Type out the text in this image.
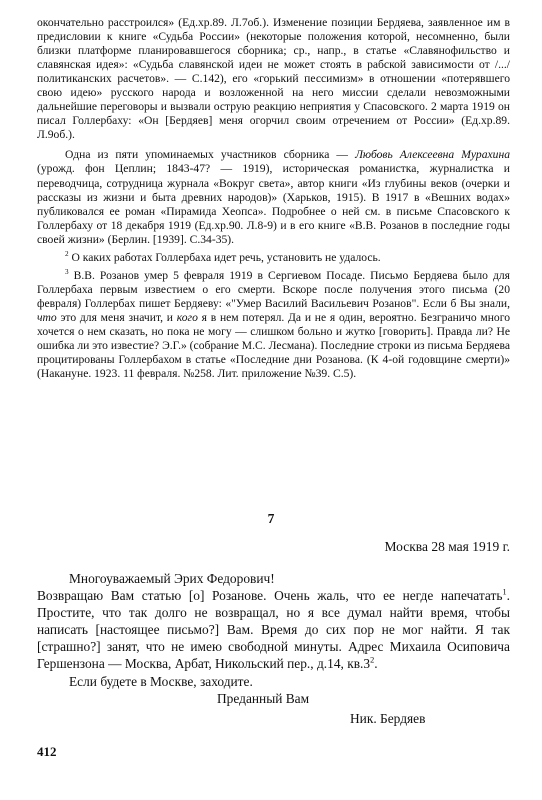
окончательно расстроился» (Ед.хр.89. Л.7об.). Изменение позиции Бердяева, заявленное им в предисловии к книге «Судьба России» (некоторые положения которой, несомненно, были близки платформе планировавшегося сборника; ср., напр., в статье «Славянофильство и славянская идея»: «Судьба славянской идеи не может стоять в рабской зависимости от /.../ политиканских расчетов». — С.142), его «горький пессимизм» в отношении «потерявшего свою идею» русского народа и возложенной на него миссии сделали невозможными дальнейшие переговоры и вызвали острую реакцию неприятия у Спасовского. 2 марта 1919 он писал Голлербаху: «Он [Бердяев] меня огорчил своим отречением от России» (Ед.хр.89. Л.9об.).

Одна из пяти упоминаемых участников сборника — Любовь Алексеевна Мурахина (урожд. фон Цеплин; 1843-47? — 1919), историческая романистка, журналистка и переводчица, сотрудница журнала «Вокруг света», автор книги «Из глубины веков (очерки и рассказы из жизни и быта древних народов)» (Харьков, 1915). В 1917 в «Вешних водах» публиковался ее роман «Пирамида Хеопса». Подробнее о ней см. в письме Спасовского к Голлербаху от 18 декабря 1919 (Ед.хр.90. Л.8-9) и в его книге «В.В. Розанов в последние годы своей жизни» (Берлин. [1939]. С.34-35).

$^2$ О каких работах Голлербаха идет речь, установить не удалось.

$^3$ В.В. Розанов умер 5 февраля 1919 в Сергиевом Посаде. Письмо Бердяева было для Голлербаха первым известием о его смерти. Вскоре после получения этого письма (20 февраля) Голлербах пишет Бердяеву: «"Умер Василий Васильевич Розанов". Если б Вы знали, что это для меня значит, и кого я в нем потерял. Да и не я один, вероятно. Безграничо много хочется о нем сказать, но пока не могу — слишком больно и жутко [говорить]. Правда ли? Не ошибка ли это известие? Э.Г.» (собрание М.С. Лесмана). Последние строки из письма Бердяева процитированы Голлербахом в статье «Последние дни Розанова. (К 4-ой годовщине смерти)» (Накануне. 1923. 11 февраля. №258. Лит. приложение №39. С.5).

7
Москва 28 мая 1919 г.

Многоуважаемый Эрих Федорович!

Возвращаю Вам статью [о] Розанове. Очень жаль, что ее негде напечатать$^1$. Простите, что так долго не возвращал, но я все думал найти время, чтобы написать [настоящее письмо?] Вам. Время до сих пор не мог найти. Я так [страшно?] занят, что не имею свободной минуты. Адрес Михаила Осиповича Гершензона — Москва, Арбат, Никольский пер., д.14, $кв.3^2$.

Если будете в Москве, заходите.

Преданный Вам

Ник. Бердяев

412
